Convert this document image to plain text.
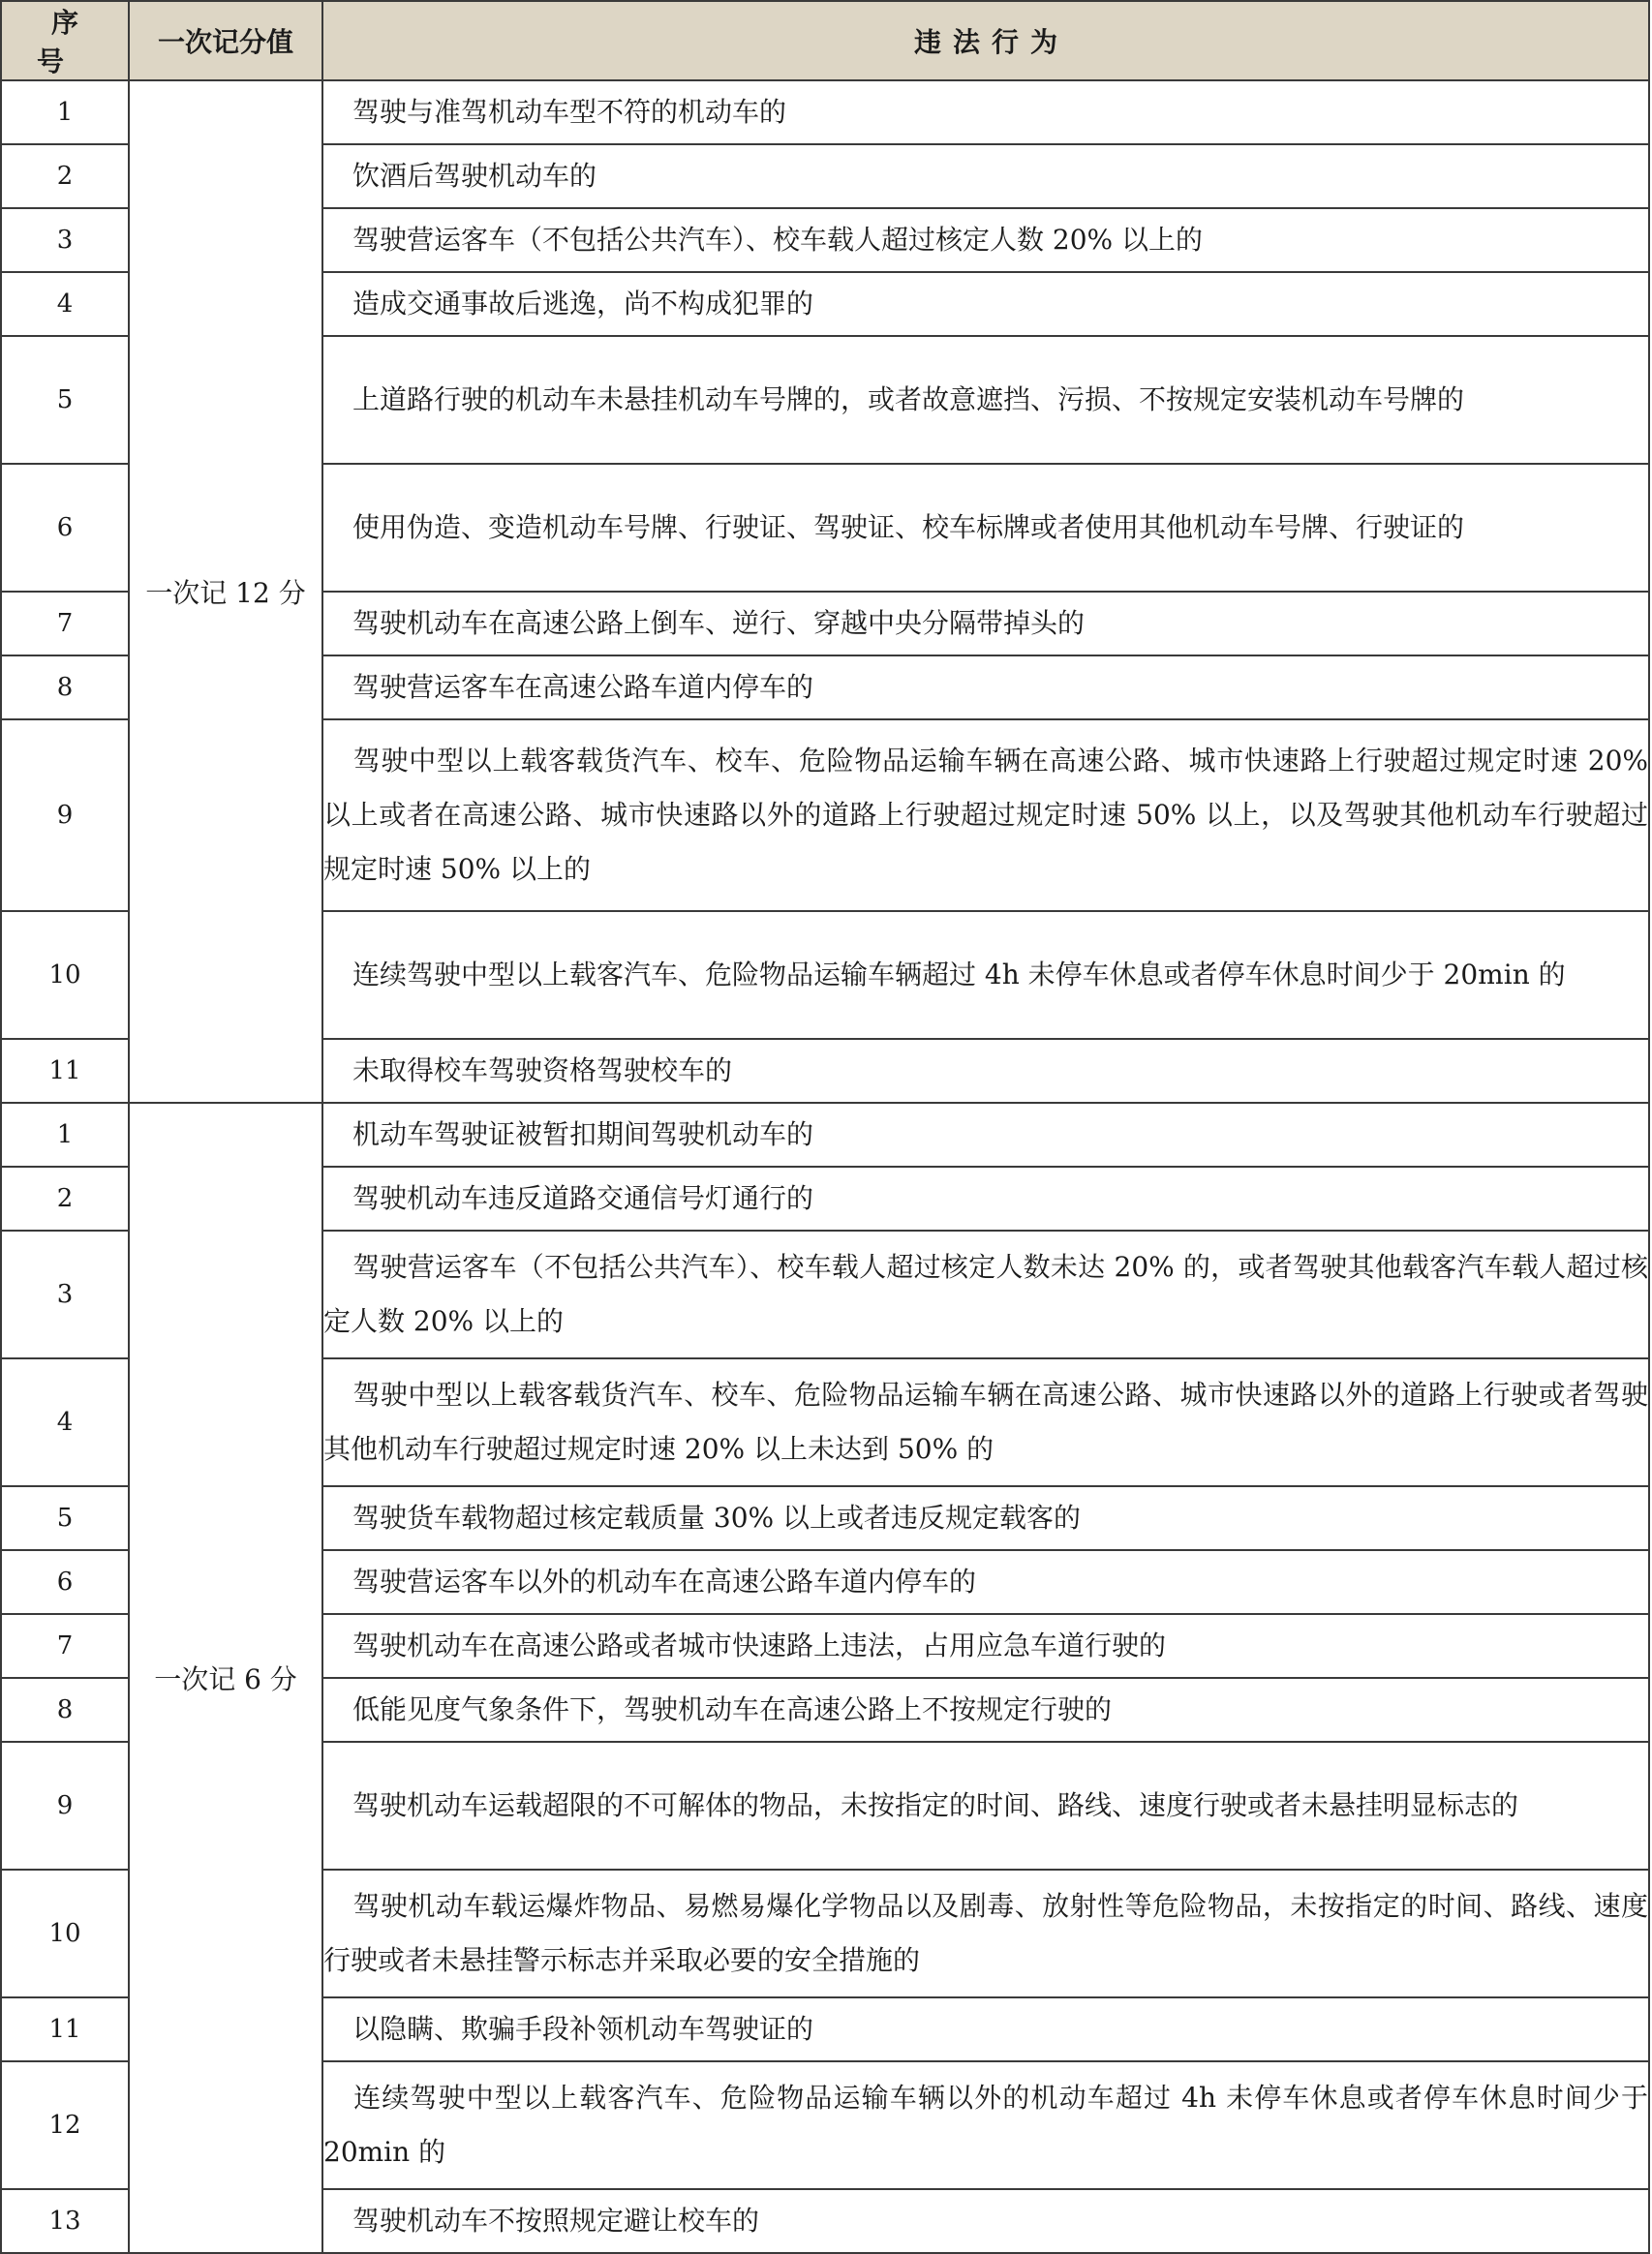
序 号	一次记分值	违法行为
1	一次记 12 分	驾驶与准驾机动车型不符的机动车的
2		饮酒后驾驶机动车的
3		驾驶营运客车（不包括公共汽车）、校车载人超过核定人数 20% 以上的
4		造成交通事故后逃逸，尚不构成犯罪的
5		上道路行驶的机动车未悬挂机动车号牌的，或者故意遮挡、污损、不按规定安装机动车号牌的
6		使用伪造、变造机动车号牌、行驶证、驾驶证、校车标牌或者使用其他机动车号牌、行驶证的
7		驾驶机动车在高速公路上倒车、逆行、穿越中央分隔带掉头的
8		驾驶营运客车在高速公路车道内停车的
9		驾驶中型以上载客载货汽车、校车、危险物品运输车辆在高速公路、城市快速路上行驶超过规定时速 20% 以上或者在高速公路、城市快速路以外的道路上行驶超过规定时速 50% 以上，以及驾驶其他机动车行驶超过规定时速 50% 以上的
10		连续驾驶中型以上载客汽车、危险物品运输车辆超过 4h 未停车休息或者停车休息时间少于 20min 的
11		未取得校车驾驶资格驾驶校车的
1	一次记 6 分	机动车驾驶证被暂扣期间驾驶机动车的
2		驾驶机动车违反道路交通信号灯通行的
3		驾驶营运客车（不包括公共汽车）、校车载人超过核定人数未达 20% 的，或者驾驶其他载客汽车载人超过核定人数 20% 以上的
4		驾驶中型以上载客载货汽车、校车、危险物品运输车辆在高速公路、城市快速路以外的道路上行驶或者驾驶其他机动车行驶超过规定时速 20% 以上未达到 50% 的
5		驾驶货车载物超过核定载质量 30% 以上或者违反规定载客的
6		驾驶营运客车以外的机动车在高速公路车道内停车的
7		驾驶机动车在高速公路或者城市快速路上违法，占用应急车道行驶的
8		低能见度气象条件下，驾驶机动车在高速公路上不按规定行驶的
9		驾驶机动车运载超限的不可解体的物品，未按指定的时间、路线、速度行驶或者未悬挂明显标志的
10		驾驶机动车载运爆炸物品、易燃易爆化学物品以及剧毒、放射性等危险物品，未按指定的时间、路线、速度行驶或者未悬挂警示标志并采取必要的安全措施的
11		以隐瞒、欺骗手段补领机动车驾驶证的
12		连续驾驶中型以上载客汽车、危险物品运输车辆以外的机动车超过 4h 未停车休息或者停车休息时间少于 20min 的
13		驾驶机动车不按照规定避让校车的
